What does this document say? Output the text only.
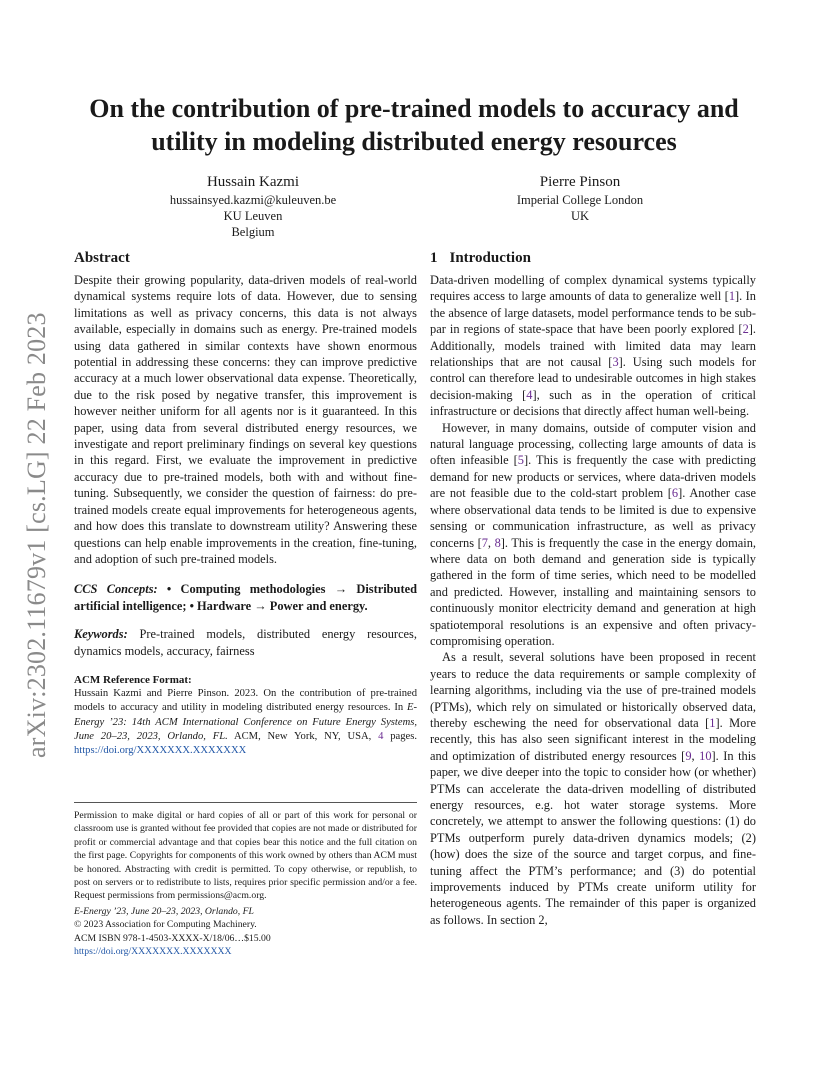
arXiv:2302.11679v1 [cs.LG] 22 Feb 2023
On the contribution of pre-trained models to accuracy and utility in modeling distributed energy resources
Hussain Kazmi
hussainsyed.kazmi@kuleuven.be
KU Leuven
Belgium
Pierre Pinson
Imperial College London
UK
Abstract

Despite their growing popularity, data-driven models of real-world dynamical systems require lots of data. However, due to sensing limitations as well as privacy concerns, this data is not always available, especially in domains such as energy. Pre-trained models using data gathered in similar contexts have shown enormous potential in addressing these concerns: they can improve predictive accuracy at a much lower observational data expense. Theoretically, due to the risk posed by negative transfer, this improvement is however neither uniform for all agents nor is it guaranteed. In this paper, using data from several distributed energy resources, we investigate and report preliminary findings on several key questions in this regard. First, we evaluate the improvement in predictive accuracy due to pre-trained models, both with and without fine-tuning. Subsequently, we consider the question of fairness: do pre-trained models create equal improvements for heterogeneous agents, and how does this translate to downstream utility? Answering these questions can help enable improvements in the creation, fine-tuning, and adoption of such pre-trained models.

CCS Concepts: • Computing methodologies → Distributed artificial intelligence; • Hardware → Power and energy.

Keywords: Pre-trained models, distributed energy resources, dynamics models, accuracy, fairness

ACM Reference Format:

Hussain Kazmi and Pierre Pinson. 2023. On the contribution of pre-trained models to accuracy and utility in modeling distributed energy resources. In E-Energy ’23: 14th ACM International Conference on Future Energy Systems, June 20–23, 2023, Orlando, FL. ACM, New York, NY, USA, 4 pages. https://doi.org/XXXXXXX.XXXXXXX

Permission to make digital or hard copies of all or part of this work for personal or classroom use is granted without fee provided that copies are not made or distributed for profit or commercial advantage and that copies bear this notice and the full citation on the first page. Copyrights for components of this work owned by others than ACM must be honored. Abstracting with credit is permitted. To copy otherwise, or republish, to post on servers or to redistribute to lists, requires prior specific permission and/or a fee. Request permissions from permissions@acm.org.

E-Energy ’23, June 20–23, 2023, Orlando, FL

© 2023 Association for Computing Machinery.

ACM ISBN 978-1-4503-XXXX-X/18/06…$15.00

https://doi.org/XXXXXXX.XXXXXXX

1 Introduction

Data-driven modelling of complex dynamical systems typically requires access to large amounts of data to generalize well [1]. In the absence of large datasets, model performance tends to be sub-par in regions of state-space that have been poorly explored [2]. Additionally, models trained with limited data may learn relationships that are not causal [3]. Using such models for control can therefore lead to undesirable outcomes in high stakes decision-making [4], such as in the operation of critical infrastructure or decisions that directly affect human well-being.

However, in many domains, outside of computer vision and natural language processing, collecting large amounts of data is often infeasible [5]. This is frequently the case with predicting demand for new products or services, where data-driven models are not feasible due to the cold-start problem [6]. Another case where observational data tends to be limited is due to expensive sensing or communication infrastructure, as well as privacy concerns [7, 8]. This is frequently the case in the energy domain, where data on both demand and generation side is typically gathered in the form of time series, which need to be modelled and predicted. However, installing and maintaining sensors to continuously monitor electricity demand and generation at high spatiotemporal resolutions is an expensive and often privacy-compromising operation.

As a result, several solutions have been proposed in recent years to reduce the data requirements or sample complexity of learning algorithms, including via the use of pre-trained models (PTMs), which rely on simulated or historically observed data, thereby eschewing the need for observational data [1]. More recently, this has also seen significant interest in the modeling and optimization of distributed energy resources [9, 10]. In this paper, we dive deeper into the topic to consider how (or whether) PTMs can accelerate the data-driven modelling of distributed energy resources, e.g. hot water storage systems. More concretely, we attempt to answer the following questions: (1) do PTMs outperform purely data-driven dynamics models; (2) (how) does the size of the source and target corpus, and fine-tuning affect the PTM’s performance; and (3) do potential improvements induced by PTMs create uniform utility for heterogeneous agents. The remainder of this paper is organized as follows. In section 2,
